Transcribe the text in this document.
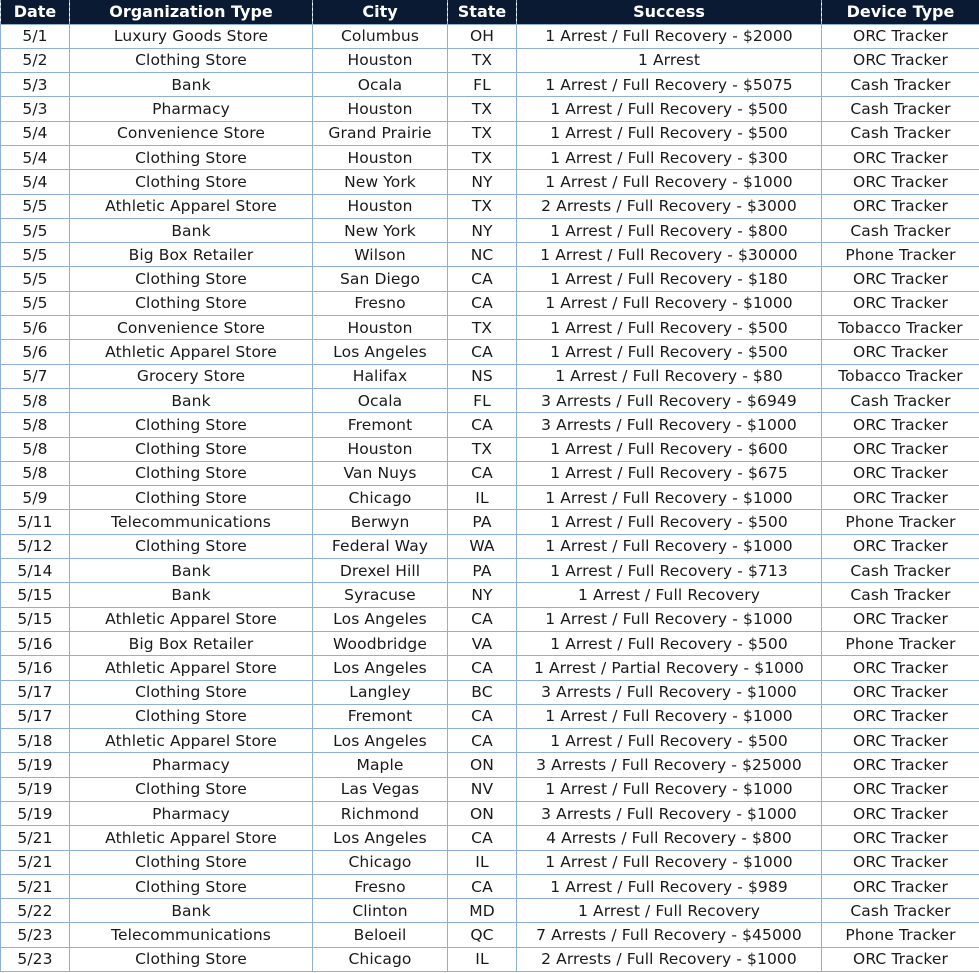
Date	Organization Type	City	State	Success	Device Type
5/1	Luxury Goods Store	Columbus	OH	1 Arrest / Full Recovery - $2000	ORC Tracker
5/2	Clothing Store	Houston	TX	1 Arrest	ORC Tracker
5/3	Bank	Ocala	FL	1 Arrest / Full Recovery - $5075	Cash Tracker
5/3	Pharmacy	Houston	TX	1 Arrest / Full Recovery - $500	Cash Tracker
5/4	Convenience Store	Grand Prairie	TX	1 Arrest / Full Recovery - $500	Cash Tracker
5/4	Clothing Store	Houston	TX	1 Arrest / Full Recovery - $300	ORC Tracker
5/4	Clothing Store	New York	NY	1 Arrest / Full Recovery - $1000	ORC Tracker
5/5	Athletic Apparel Store	Houston	TX	2 Arrests / Full Recovery - $3000	ORC Tracker
5/5	Bank	New York	NY	1 Arrest / Full Recovery - $800	Cash Tracker
5/5	Big Box Retailer	Wilson	NC	1 Arrest / Full Recovery - $30000	Phone Tracker
5/5	Clothing Store	San Diego	CA	1 Arrest / Full Recovery - $180	ORC Tracker
5/5	Clothing Store	Fresno	CA	1 Arrest / Full Recovery - $1000	ORC Tracker
5/6	Convenience Store	Houston	TX	1 Arrest / Full Recovery - $500	Tobacco Tracker
5/6	Athletic Apparel Store	Los Angeles	CA	1 Arrest / Full Recovery - $500	ORC Tracker
5/7	Grocery Store	Halifax	NS	1 Arrest / Full Recovery - $80	Tobacco Tracker
5/8	Bank	Ocala	FL	3 Arrests / Full Recovery - $6949	Cash Tracker
5/8	Clothing Store	Fremont	CA	3 Arrests / Full Recovery - $1000	ORC Tracker
5/8	Clothing Store	Houston	TX	1 Arrest / Full Recovery - $600	ORC Tracker
5/8	Clothing Store	Van Nuys	CA	1 Arrest / Full Recovery - $675	ORC Tracker
5/9	Clothing Store	Chicago	IL	1 Arrest / Full Recovery - $1000	ORC Tracker
5/11	Telecommunications	Berwyn	PA	1 Arrest / Full Recovery - $500	Phone Tracker
5/12	Clothing Store	Federal Way	WA	1 Arrest / Full Recovery - $1000	ORC Tracker
5/14	Bank	Drexel Hill	PA	1 Arrest / Full Recovery - $713	Cash Tracker
5/15	Bank	Syracuse	NY	1 Arrest / Full Recovery	Cash Tracker
5/15	Athletic Apparel Store	Los Angeles	CA	1 Arrest / Full Recovery - $1000	ORC Tracker
5/16	Big Box Retailer	Woodbridge	VA	1 Arrest / Full Recovery - $500	Phone Tracker
5/16	Athletic Apparel Store	Los Angeles	CA	1 Arrest / Partial Recovery - $1000	ORC Tracker
5/17	Clothing Store	Langley	BC	3 Arrests / Full Recovery - $1000	ORC Tracker
5/17	Clothing Store	Fremont	CA	1 Arrest / Full Recovery - $1000	ORC Tracker
5/18	Athletic Apparel Store	Los Angeles	CA	1 Arrest / Full Recovery - $500	ORC Tracker
5/19	Pharmacy	Maple	ON	3 Arrests / Full Recovery - $25000	ORC Tracker
5/19	Clothing Store	Las Vegas	NV	1 Arrest / Full Recovery - $1000	ORC Tracker
5/19	Pharmacy	Richmond	ON	3 Arrests / Full Recovery - $1000	ORC Tracker
5/21	Athletic Apparel Store	Los Angeles	CA	4 Arrests / Full Recovery - $800	ORC Tracker
5/21	Clothing Store	Chicago	IL	1 Arrest / Full Recovery - $1000	ORC Tracker
5/21	Clothing Store	Fresno	CA	1 Arrest / Full Recovery - $989	ORC Tracker
5/22	Bank	Clinton	MD	1 Arrest / Full Recovery	Cash Tracker
5/23	Telecommunications	Beloeil	QC	7 Arrests / Full Recovery - $45000	Phone Tracker
5/23	Clothing Store	Chicago	IL	2 Arrests / Full Recovery - $1000	ORC Tracker
